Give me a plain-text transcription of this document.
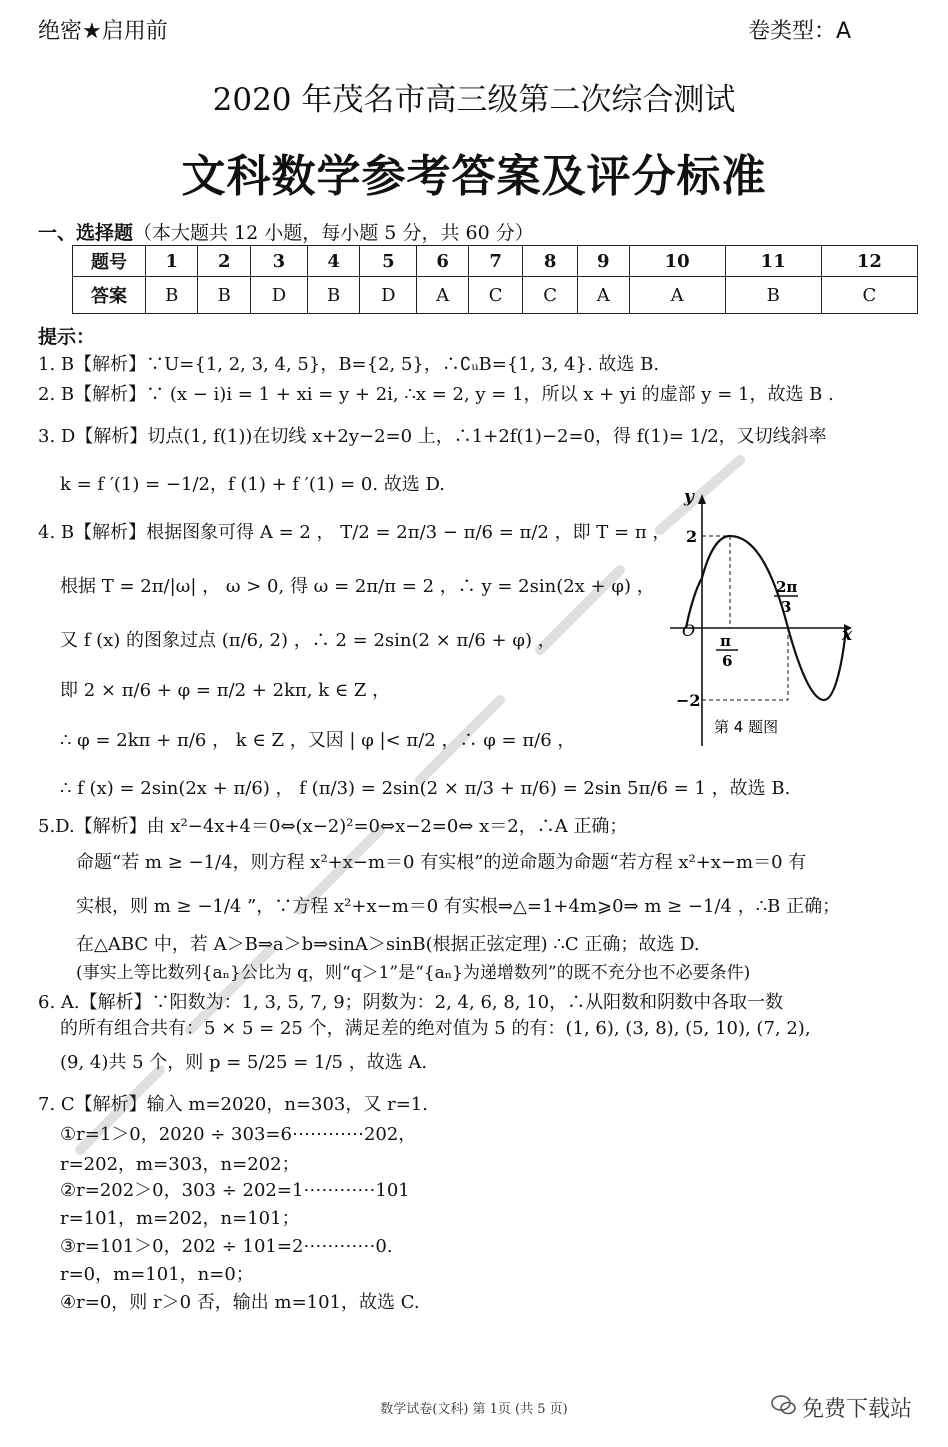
绝密★启用前	卷类型：A
2020 年茂名市高三级第二次综合测试
文科数学参考答案及评分标准
一、选择题（本大题共 12 小题，每小题 5 分，共 60 分）
题号	1	2	3	4	5	6	7	8	9	10	11	12
答案	B	B	D	B	D	A	C	C	A	A	B	C
提示：
1. B【解析】∵U={1, 2, 3, 4, 5}，B={2, 5}，∴∁ᵤB={1, 3, 4}. 故选 B.
2. B【解析】∵ (x − i)i = 1 + xi = y + 2i, ∴x = 2, y = 1，所以 x + yi 的虚部 y = 1，故选 B .
3. D【解析】切点(1, f(1))在切线 x+2y−2=0 上，∴1+2f(1)−2=0，得 f(1)= 1/2，又切线斜率
k = f ′(1) = −1/2，f (1) + f ′(1) = 0. 故选 D.
4. B【解析】根据图象可得 A = 2 ， T/2 = 2π/3 − π/6 = π/2 ，即 T = π ，
根据 T = 2π/|ω| ， ω > 0, 得 ω = 2π/π = 2 ，∴ y = 2sin(2x + φ) ，
又 f (x) 的图象过点 (π/6, 2) ，∴ 2 = 2sin(2 × π/6 + φ) ，
即 2 × π/6 + φ = π/2 + 2kπ, k ∈ Z ，
∴ φ = 2kπ + π/6 ， k ∈ Z ，又因 | φ |< π/2 ，∴ φ = π/6 ，
∴ f (x) = 2sin(2x + π/6) ， f (π/3) = 2sin(2 × π/3 + π/6) = 2sin 5π/6 = 1 ，故选 B.
5.D.【解析】由 x²−4x+4＝0⇔(x−2)²=0⇔x−2=0⇔ x＝2，∴A 正确；
命题“若 m ≥ −1/4，则方程 x²+x−m＝0 有实根”的逆命题为命题“若方程 x²+x−m＝0 有
实根，则 m ≥ −1/4 ”，∵方程 x²+x−m＝0 有实根⇒△=1+4m⩾0⇒ m ≥ −1/4 ，∴B 正确；
在△ABC 中，若 A＞B⇒a＞b⇒sinA＞sinB(根据正弦定理) ∴C 正确；故选 D.
(事实上等比数列{aₙ}公比为 q，则“q＞1”是“{aₙ}为递增数列”的既不充分也不必要条件)
6. A.【解析】∵阳数为：1, 3, 5, 7, 9；阴数为：2, 4, 6, 8, 10，∴从阳数和阴数中各取一数
的所有组合共有：5 × 5 = 25 个，满足差的绝对值为 5 的有：(1, 6), (3, 8), (5, 10), (7, 2),
(9, 4)共 5 个，则 p = 5/25 = 1/5 ，故选 A.
7. C【解析】输入 m=2020，n=303，又 r=1.
①r=1＞0，2020 ÷ 303=6⋯⋯⋯⋯202，
r=202，m=303，n=202；
②r=202＞0，303 ÷ 202=1⋯⋯⋯⋯101
r=101，m=202，n=101；
③r=101＞0，202 ÷ 101=2⋯⋯⋯⋯0.
r=0，m=101，n=0；
④r=0，则 r＞0 否，输出 m=101，故选 C.
y
x
O
2
−2
π
6
2π
3
第 4 题图
数学试卷(文科) 第 1页 (共 5 页)	免费下载站
